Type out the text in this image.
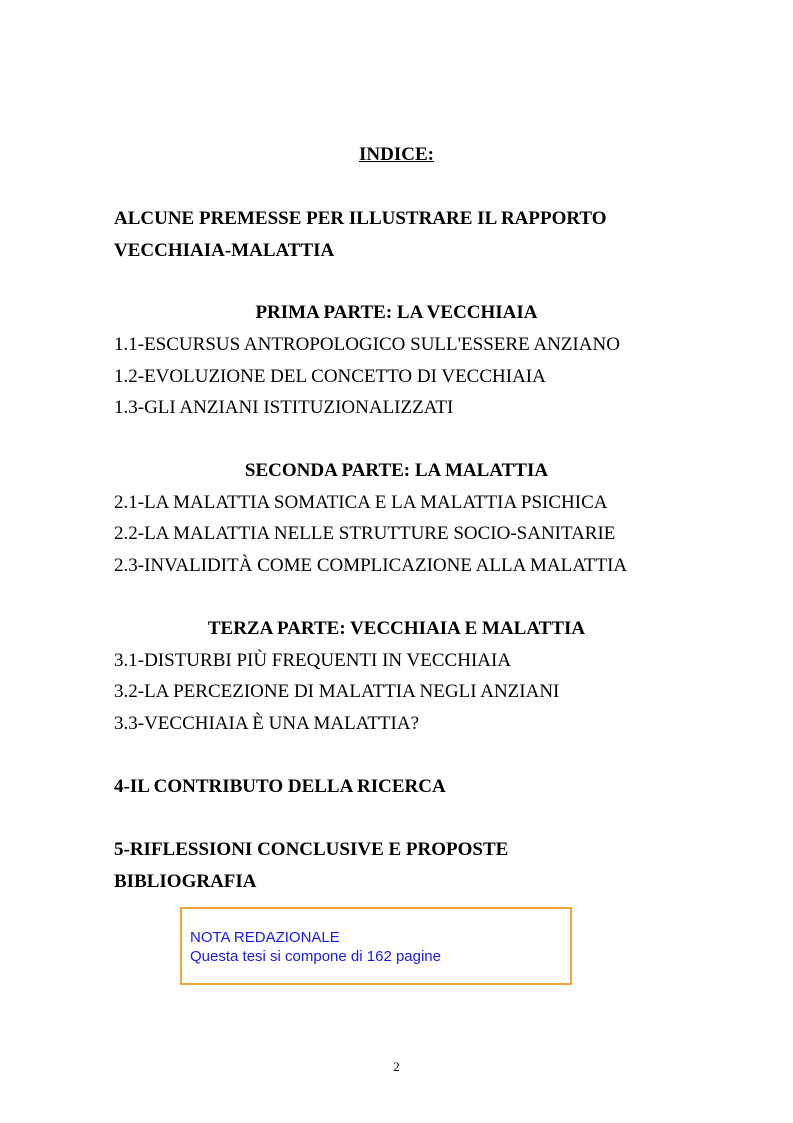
INDICE:
ALCUNE PREMESSE PER ILLUSTRARE IL RAPPORTO
VECCHIAIA-MALATTIA
PRIMA PARTE: LA VECCHIAIA
1.1-ESCURSUS ANTROPOLOGICO SULL'ESSERE ANZIANO
1.2-EVOLUZIONE DEL CONCETTO DI VECCHIAIA
1.3-GLI ANZIANI ISTITUZIONALIZZATI
SECONDA PARTE: LA MALATTIA
2.1-LA MALATTIA SOMATICA E LA MALATTIA PSICHICA
2.2-LA MALATTIA NELLE STRUTTURE SOCIO-SANITARIE
2.3-INVALIDITÀ COME COMPLICAZIONE ALLA MALATTIA
TERZA PARTE: VECCHIAIA E MALATTIA
3.1-DISTURBI PIÙ FREQUENTI IN VECCHIAIA
3.2-LA PERCEZIONE DI MALATTIA NEGLI ANZIANI
3.3-VECCHIAIA È UNA MALATTIA?
4-IL CONTRIBUTO DELLA RICERCA
5-RIFLESSIONI CONCLUSIVE E PROPOSTE
BIBLIOGRAFIA
NOTA REDAZIONALE
Questa tesi si compone di 162 pagine
2
